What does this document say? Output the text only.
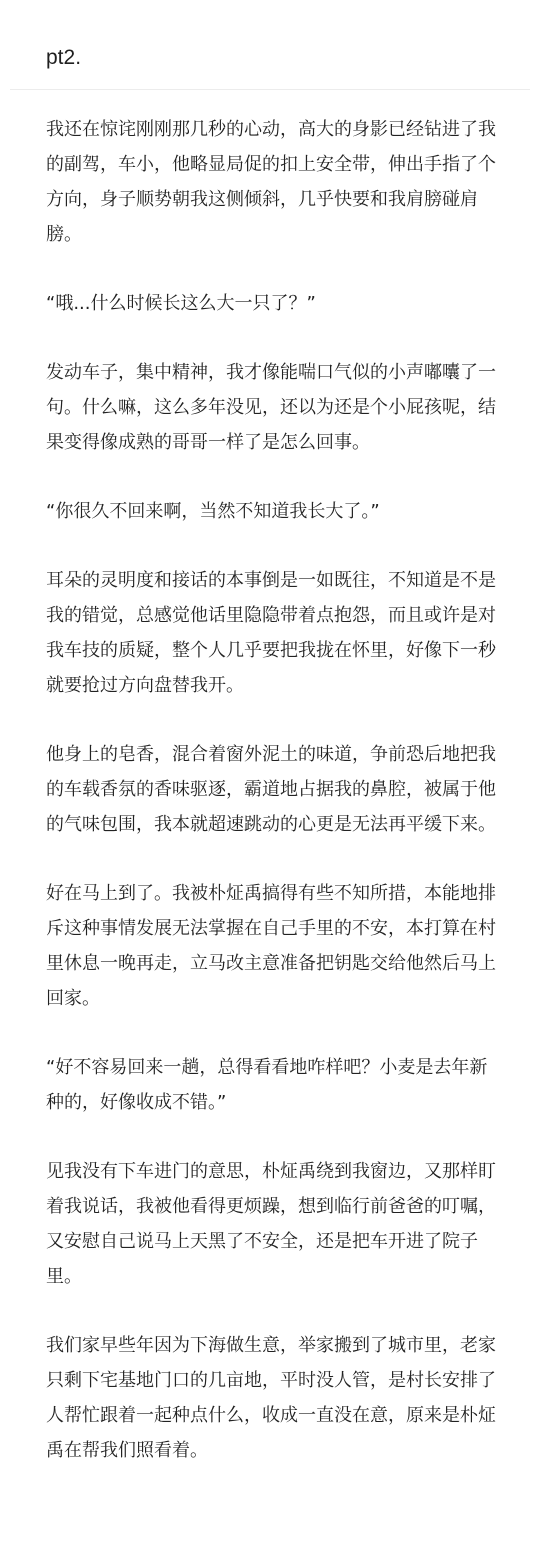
pt2.

我还在惊诧刚刚那几秒的心动，高大的身影已经钻进了我的副驾，车小，他略显局促的扣上安全带，伸出手指了个方向，身子顺势朝我这侧倾斜，几乎快要和我肩膀碰肩膀。

“哦...什么时候长这么大一只了？”

发动车子，集中精神，我才像能喘口气似的小声嘟囔了一句。什么嘛，这么多年没见，还以为还是个小屁孩呢，结果变得像成熟的哥哥一样了是怎么回事。

“你很久不回来啊，当然不知道我长大了。”

耳朵的灵明度和接话的本事倒是一如既往，不知道是不是我的错觉，总感觉他话里隐隐带着点抱怨，而且或许是对我车技的质疑，整个人几乎要把我拢在怀里，好像下一秒就要抢过方向盘替我开。

他身上的皂香，混合着窗外泥土的味道，争前恐后地把我的车载香氛的香味驱逐，霸道地占据我的鼻腔，被属于他的气味包围，我本就超速跳动的心更是无法再平缓下来。

好在马上到了。我被朴炡禹搞得有些不知所措，本能地排斥这种事情发展无法掌握在自己手里的不安，本打算在村里休息一晚再走，立马改主意准备把钥匙交给他然后马上回家。

“好不容易回来一趟，总得看看地咋样吧？小麦是去年新种的，好像收成不错。”

见我没有下车进门的意思，朴炡禹绕到我窗边，又那样盯着我说话，我被他看得更烦躁，想到临行前爸爸的叮嘱，又安慰自己说马上天黑了不安全，还是把车开进了院子里。

我们家早些年因为下海做生意，举家搬到了城市里，老家只剩下宅基地门口的几亩地，平时没人管，是村长安排了人帮忙跟着一起种点什么，收成一直没在意，原来是朴炡禹在帮我们照看着。
